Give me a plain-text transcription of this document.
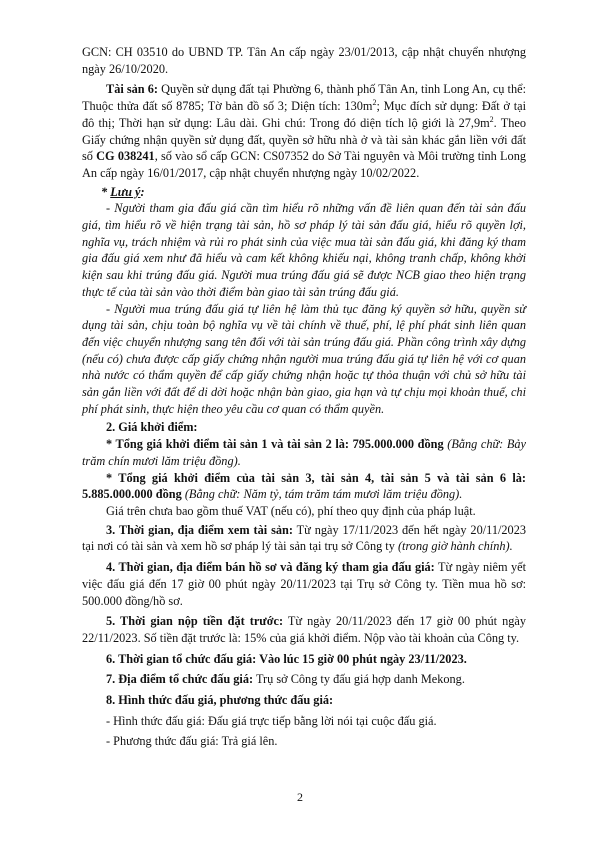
GCN: CH 03510 do UBND TP. Tân An cấp ngày 23/01/2013, cập nhật chuyển nhượng ngày 26/10/2020.

Tài sản 6: Quyền sử dụng đất tại Phường 6, thành phố Tân An, tỉnh Long An, cụ thể: Thuộc thửa đất số 8785; Tờ bản đồ số 3; Diện tích: $130m^2$; Mục đích sử dụng: Đất ở tại đô thị; Thời hạn sử dụng: Lâu dài. Ghi chú: Trong đó diện tích lộ giới là $27,9m^2$. Theo Giấy chứng nhận quyền sử dụng đất, quyền sở hữu nhà ở và tài sản khác gắn liền với đất số CG 038241, số vào sổ cấp GCN: CS07352 do Sở Tài nguyên và Môi trường tỉnh Long An cấp ngày 16/01/2017, cập nhật chuyển nhượng ngày 10/02/2022.

* Lưu ý:

- Người tham gia đấu giá cần tìm hiểu rõ những vấn đề liên quan đến tài sản đấu giá, tìm hiểu rõ về hiện trạng tài sản, hồ sơ pháp lý tài sản đấu giá, hiểu rõ quyền lợi, nghĩa vụ, trách nhiệm và rủi ro phát sinh của việc mua tài sản đấu giá, khi đăng ký tham gia đấu giá xem như đã hiểu và cam kết không khiếu nại, không tranh chấp, không khởi kiện sau khi trúng đấu giá. Người mua trúng đấu giá sẽ được NCB giao theo hiện trạng thực tế của tài sản vào thời điểm bàn giao tài sản trúng đấu giá.

- Người mua trúng đấu giá tự liên hệ làm thủ tục đăng ký quyền sở hữu, quyền sử dụng tài sản, chịu toàn bộ nghĩa vụ về tài chính về thuế, phí, lệ phí phát sinh liên quan đến việc chuyển nhượng sang tên đối với tài sản trúng đấu giá. Phần công trình xây dựng (nếu có) chưa được cấp giấy chứng nhận người mua trúng đấu giá tự liên hệ với cơ quan nhà nước có thẩm quyền để cấp giấy chứng nhận hoặc tự thỏa thuận với chủ sở hữu tài sản gắn liền với đất để di dời hoặc nhận bàn giao, gia hạn và tự chịu mọi khoản thuế, chi phí phát sinh, thực hiện theo yêu cầu cơ quan có thẩm quyền.

2. Giá khởi điểm:

* Tổng giá khởi điểm tài sản 1 và tài sản 2 là: 795.000.000 đồng (Bằng chữ: Bảy trăm chín mươi lăm triệu đồng).

* Tổng giá khởi điểm của tài sản 3, tài sản 4, tài sản 5 và tài sản 6 là: 5.885.000.000 đồng (Bằng chữ: Năm tỷ, tám trăm tám mươi lăm triệu đồng).

Giá trên chưa bao gồm thuế VAT (nếu có), phí theo quy định của pháp luật.

3. Thời gian, địa điểm xem tài sản: Từ ngày 17/11/2023 đến hết ngày 20/11/2023 tại nơi có tài sản và xem hồ sơ pháp lý tài sản tại trụ sở Công ty (trong giờ hành chính).

4. Thời gian, địa điểm bán hồ sơ và đăng ký tham gia đấu giá: Từ ngày niêm yết việc đấu giá đến 17 giờ 00 phút ngày 20/11/2023 tại Trụ sở Công ty. Tiền mua hồ sơ: 500.000 đồng/hồ sơ.

5. Thời gian nộp tiền đặt trước: Từ ngày 20/11/2023 đến 17 giờ 00 phút ngày 22/11/2023. Số tiền đặt trước là: 15% của giá khởi điểm. Nộp vào tài khoản của Công ty.

6. Thời gian tổ chức đấu giá: Vào lúc 15 giờ 00 phút ngày 23/11/2023.

7. Địa điểm tổ chức đấu giá: Trụ sở Công ty đấu giá hợp danh Mekong.

8. Hình thức đấu giá, phương thức đấu giá:

- Hình thức đấu giá: Đấu giá trực tiếp bằng lời nói tại cuộc đấu giá.

- Phương thức đấu giá: Trả giá lên.

2
